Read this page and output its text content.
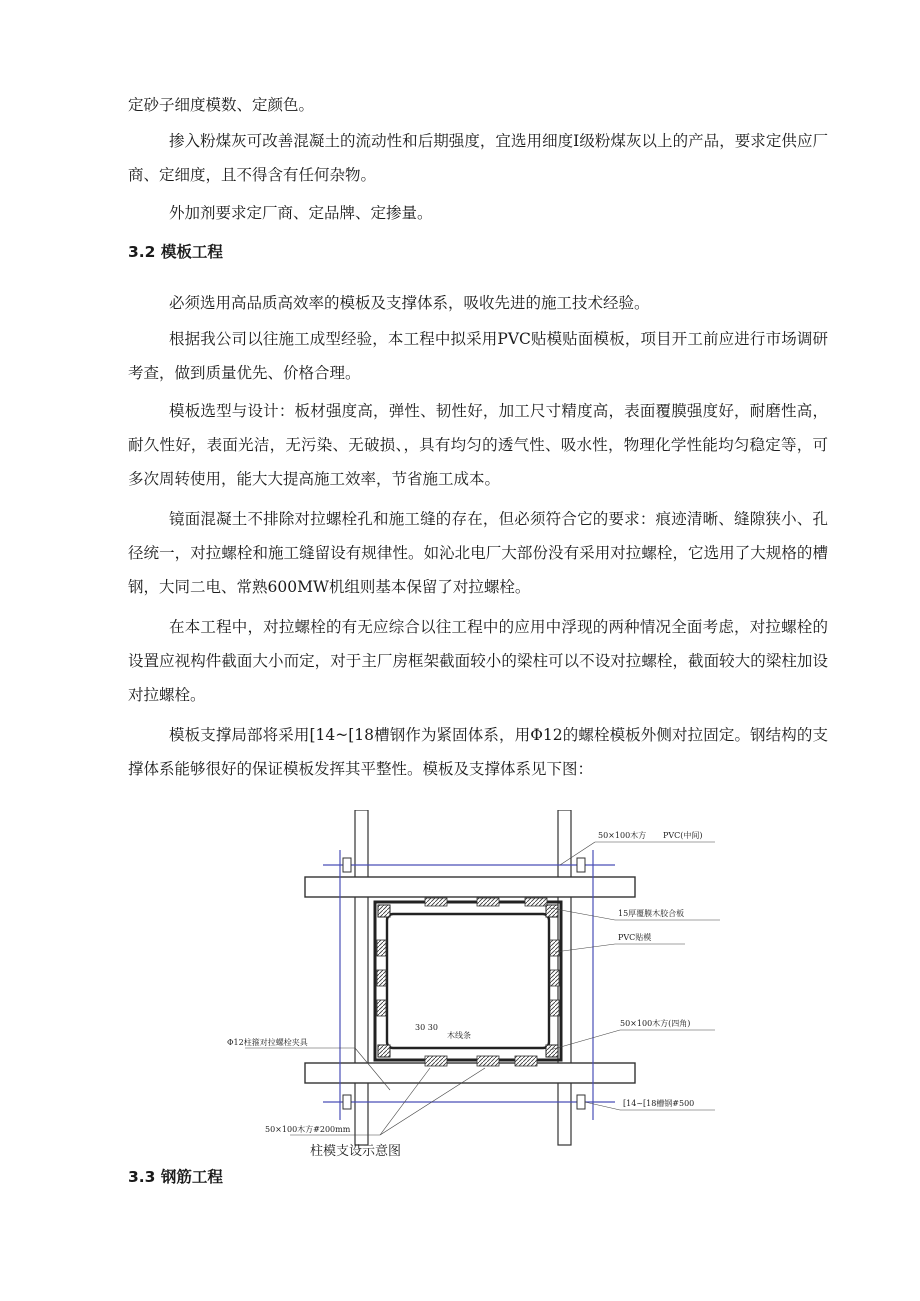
定砂子细度模数、定颜色。

掺入粉煤灰可改善混凝土的流动性和后期强度，宜选用细度Ⅰ级粉煤灰以上的产品，要求定供应厂商、定细度，且不得含有任何杂物。

外加剂要求定厂商、定品牌、定掺量。

3.2 模板工程

必须选用高品质高效率的模板及支撑体系，吸收先进的施工技术经验。

根据我公司以往施工成型经验，本工程中拟采用PVC贴模贴面模板，项目开工前应进行市场调研考查，做到质量优先、价格合理。

模板选型与设计：板材强度高，弹性、韧性好，加工尺寸精度高，表面覆膜强度好，耐磨性高，耐久性好，表面光洁，无污染、无破损、，具有均匀的透气性、吸水性，物理化学性能均匀稳定等，可多次周转使用，能大大提高施工效率，节省施工成本。

镜面混凝土不排除对拉螺栓孔和施工缝的存在，但必须符合它的要求：痕迹清晰、缝隙狭小、孔径统一，对拉螺栓和施工缝留设有规律性。如沁北电厂大部份没有采用对拉螺栓，它选用了大规格的槽钢，大同二电、常熟600MW机组则基本保留了对拉螺栓。

在本工程中，对拉螺栓的有无应综合以往工程中的应用中浮现的两种情况全面考虑，对拉螺栓的设置应视构件截面大小而定，对于主厂房框架截面较小的梁柱可以不设对拉螺栓，截面较大的梁柱加设对拉螺栓。

模板支撑局部将采用[14~[18槽钢作为紧固体系，用Φ12的螺栓模板外侧对拉固定。钢结构的支撑体系能够很好的保证模板发挥其平整性。模板及支撑体系见下图：

50×100木方 PVC(中间)
15厚覆膜木胶合板
PVC贴模
30 30
木线条
50×100木方(四角)
Φ12柱箍对拉螺栓夹具
50×100木方#200mm
[14~[18槽钢#500
柱模支设示意图
3.3 钢筋工程
